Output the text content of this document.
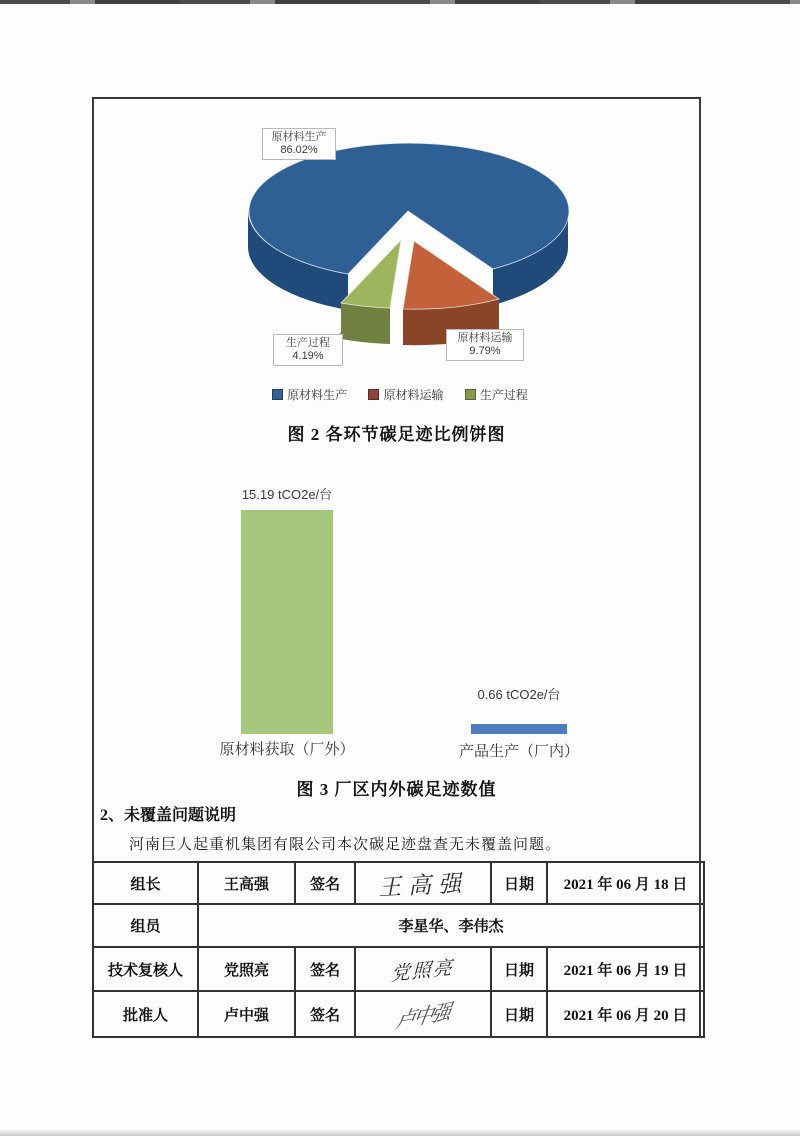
原材料生产
86.02%
生产过程
4.19%
原材料运输
9.79%
原材料生产	原材料运输	生产过程
图 2 各环节碳足迹比例饼图
15.19 tCO2e/台
0.66 tCO2e/台
原材料获取（厂外）	产品生产（厂内）
图 3 厂区内外碳足迹数值
2、未覆盖问题说明
河南巨人起重机集团有限公司本次碳足迹盘查无未覆盖问题。
组长	王高强	签名	王高强	日期	2021 年 06 月 18 日
组员	李星华、李伟杰				
技术复核人	党照亮	签名	党照亮	日期	2021 年 06 月 19 日
批准人	卢中强	签名	卢中强	日期	2021 年 06 月 20 日
